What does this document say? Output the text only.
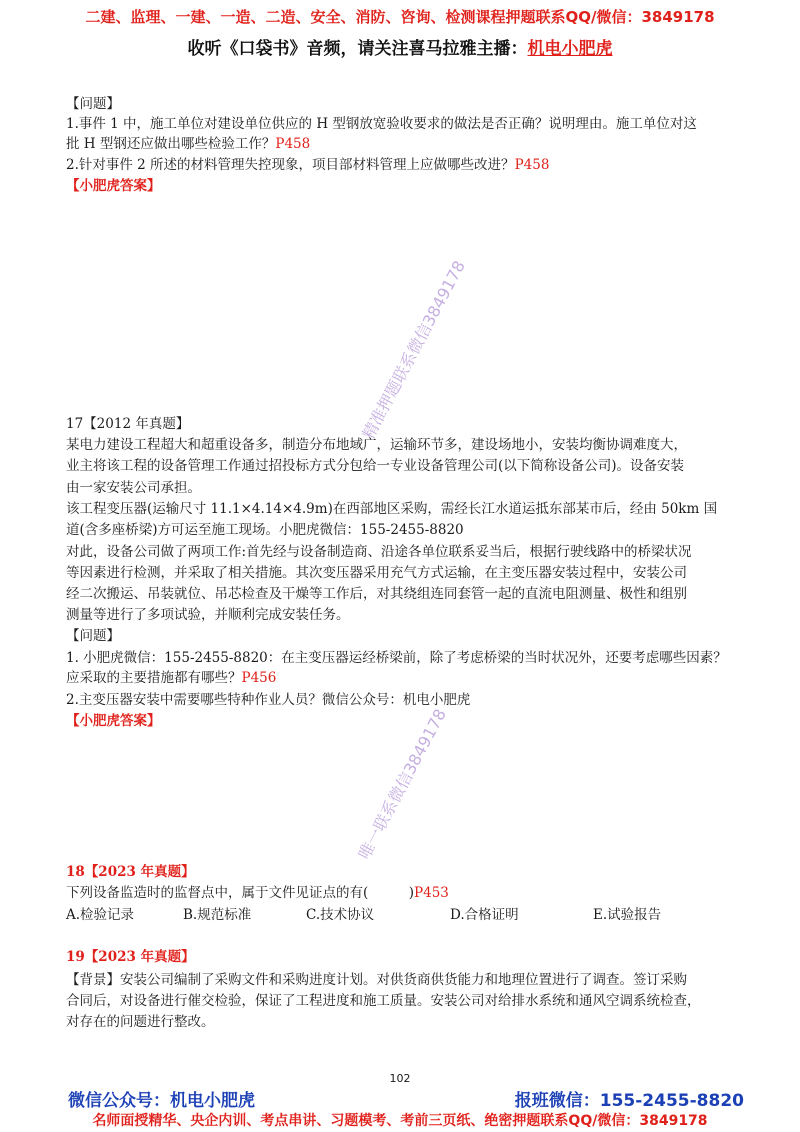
二建、监理、一建、一造、二造、安全、消防、咨询、检测课程押题联系QQ/微信：3849178
收听《口袋书》音频，请关注喜马拉雅主播：机电小肥虎
【问题】
1.事件 1 中，施工单位对建设单位供应的 H 型钢放宽验收要求的做法是否正确？说明理由。施工单位对这
批 H 型钢还应做出哪些检验工作？P458
2.针对事件 2 所述的材料管理失控现象，项目部材料管理上应做哪些改进？P458
【小肥虎答案】
精准押题联系微信3849178
17【2012 年真题】
某电力建设工程超大和超重设备多，制造分布地域广，运输环节多，建设场地小，安装均衡协调难度大，
业主将该工程的设备管理工作通过招投标方式分包给一专业设备管理公司(以下简称设备公司)。设备安装
由一家安装公司承担。
该工程变压器(运输尺寸 11.1×4.14×4.9m)在西部地区采购，需经长江水道运抵东部某市后，经由 50km 国
道(含多座桥梁)方可运至施工现场。小肥虎微信：155-2455-8820
对此，设备公司做了两项工作:首先经与设备制造商、沿途各单位联系妥当后，根据行驶线路中的桥梁状况
等因素进行检测，并采取了相关措施。其次变压器采用充气方式运输，在主变压器安装过程中，安装公司
经二次搬运、吊装就位、吊芯检查及干燥等工作后，对其绕组连同套管一起的直流电阻测量、极性和组别
测量等进行了多项试验，并顺利完成安装任务。
【问题】
1. 小肥虎微信：155-2455-8820：在主变压器运经桥梁前，除了考虑桥梁的当时状况外，还要考虑哪些因素？
应采取的主要措施都有哪些？P456
2.主变压器安装中需要哪些特种作业人员？微信公众号：机电小肥虎
【小肥虎答案】	唯一联系微信3849178
18【2023 年真题】
下列设备监造时的监督点中，属于文件见证点的有(　　　)P453
A.检验记录	B.规范标准	C.技术协议	D.合格证明	E.试验报告
19【2023 年真题】
【背景】安装公司编制了采购文件和采购进度计划。对供货商供货能力和地理位置进行了调查。签订采购
合同后，对设备进行催交检验，保证了工程进度和施工质量。安装公司对给排水系统和通风空调系统检查，
对存在的问题进行整改。
102
微信公众号：机电小肥虎	报班微信：155-2455-8820
名师面授精华、央企内训、考点串讲、习题模考、考前三页纸、绝密押题联系QQ/微信：3849178
